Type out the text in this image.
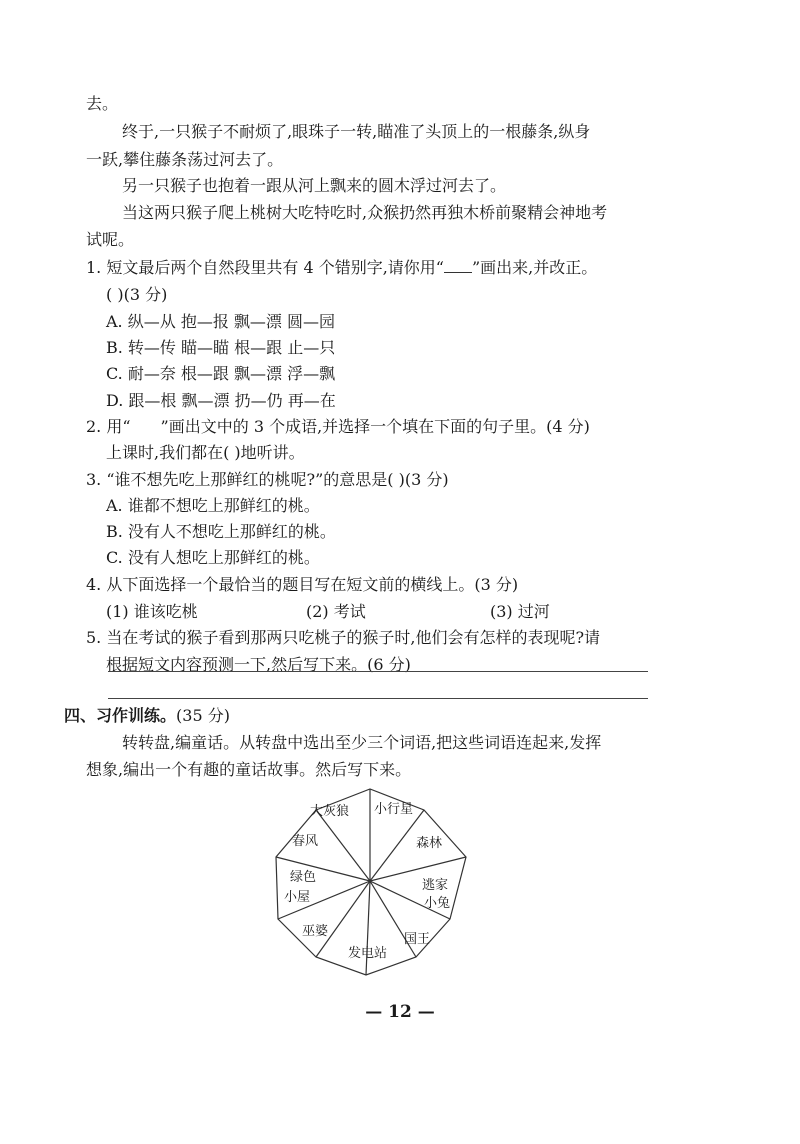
去。
终于,一只猴子不耐烦了,眼珠子一转,瞄准了头顶上的一根藤条,纵身
一跃,攀住藤条荡过河去了。
另一只猴子也抱着一跟从河上飘来的圆木浮过河去了。
当这两只猴子爬上桃树大吃特吃时,众猴扔然再独木桥前聚精会神地考
试呢。
1. 短文最后两个自然段里共有 4 个错别字,请你用“ ”画出来,并改正。
( )(3 分)
A. 纵—从 抱—报 飘—漂 圆—园
B. 转—传 瞄—瞄 根—跟 止—只
C. 耐—奈 根—跟 飘—漂 浮—飘
D. 跟—根 飘—漂 扔—仍 再—在
2. 用“ ”画出文中的 3 个成语,并选择一个填在下面的句子里。(4 分)
上课时,我们都在( )地听讲。
3. “谁不想先吃上那鲜红的桃呢?”的意思是( )(3 分)
A. 谁都不想吃上那鲜红的桃。
B. 没有人不想吃上那鲜红的桃。
C. 没有人想吃上那鲜红的桃。
4. 从下面选择一个最恰当的题目写在短文前的横线上。(3 分)
(1) 谁该吃桃	(2) 考试	(3) 过河
5. 当在考试的猴子看到那两只吃桃子的猴子时,他们会有怎样的表现呢?请
根据短文内容预测一下,然后写下来。(6 分)
四、习作训练。(35 分)
转转盘,编童话。从转盘中选出至少三个词语,把这些词语连起来,发挥
想象,编出一个有趣的童话故事。然后写下来。
大灰狼 小行星
森林
逃家
小兔
国王
发电站
巫婆
绿色
小屋
春风
— 12 —
